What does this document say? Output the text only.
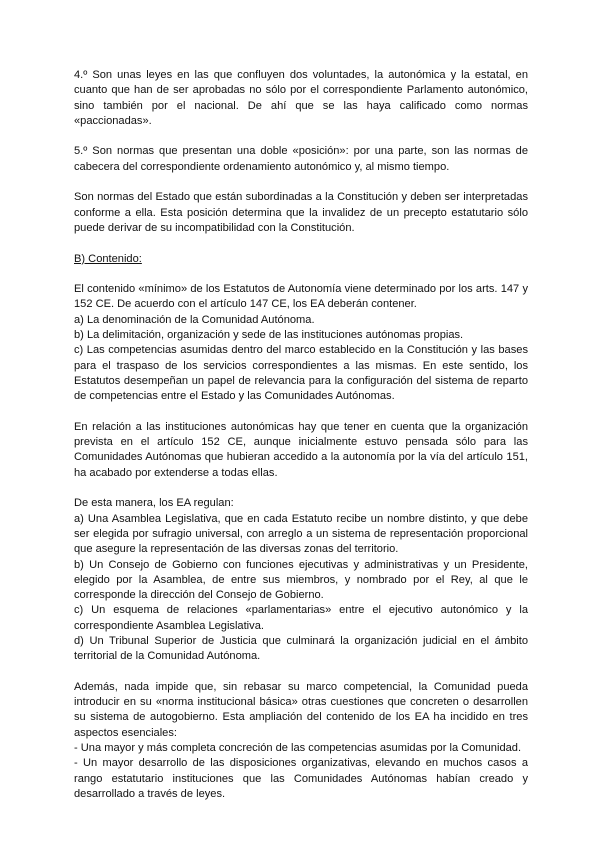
4.º Son unas leyes en las que confluyen dos voluntades, la autonómica y la estatal, en cuanto que han de ser aprobadas no sólo por el correspondiente Parlamento autonómico, sino también por el nacional. De ahí que se las haya calificado como normas «paccionadas».

5.º Son normas que presentan una doble «posición»: por una parte, son las normas de cabecera del correspondiente ordenamiento autonómico y, al mismo tiempo.

Son normas del Estado que están subordinadas a la Constitución y deben ser interpretadas conforme a ella. Esta posición determina que la invalidez de un precepto estatutario sólo puede derivar de su incompatibilidad con la Constitución.

B) Contenido:

El contenido «mínimo» de los Estatutos de Autonomía viene determinado por los arts. 147 y 152 CE. De acuerdo con el artículo 147 CE, los EA deberán contener.

a) La denominación de la Comunidad Autónoma.

b) La delimitación, organización y sede de las instituciones autónomas propias.

c) Las competencias asumidas dentro del marco establecido en la Constitución y las bases para el traspaso de los servicios correspondientes a las mismas. En este sentido, los Estatutos desempeñan un papel de relevancia para la configuración del sistema de reparto de competencias entre el Estado y las Comunidades Autónomas.

En relación a las instituciones autonómicas hay que tener en cuenta que la organización prevista en el artículo 152 CE, aunque inicialmente estuvo pensada sólo para las Comunidades Autónomas que hubieran accedido a la autonomía por la vía del artículo 151, ha acabado por extenderse a todas ellas.

De esta manera, los EA regulan:

a) Una Asamblea Legislativa, que en cada Estatuto recibe un nombre distinto, y que debe ser elegida por sufragio universal, con arreglo a un sistema de representación proporcional que asegure la representación de las diversas zonas del territorio.

b) Un Consejo de Gobierno con funciones ejecutivas y administrativas y un Presidente, elegido por la Asamblea, de entre sus miembros, y nombrado por el Rey, al que le corresponde la dirección del Consejo de Gobierno.

c) Un esquema de relaciones «parlamentarias» entre el ejecutivo autonómico y la correspondiente Asamblea Legislativa.

d) Un Tribunal Superior de Justicia que culminará la organización judicial en el ámbito territorial de la Comunidad Autónoma.

Además, nada impide que, sin rebasar su marco competencial, la Comunidad pueda introducir en su «norma institucional básica» otras cuestiones que concreten o desarrollen su sistema de autogobierno. Esta ampliación del contenido de los EA ha incidido en tres aspectos esenciales:

- Una mayor y más completa concreción de las competencias asumidas por la Comunidad.

- Un mayor desarrollo de las disposiciones organizativas, elevando en muchos casos a rango estatutario instituciones que las Comunidades Autónomas habían creado y desarrollado a través de leyes.
